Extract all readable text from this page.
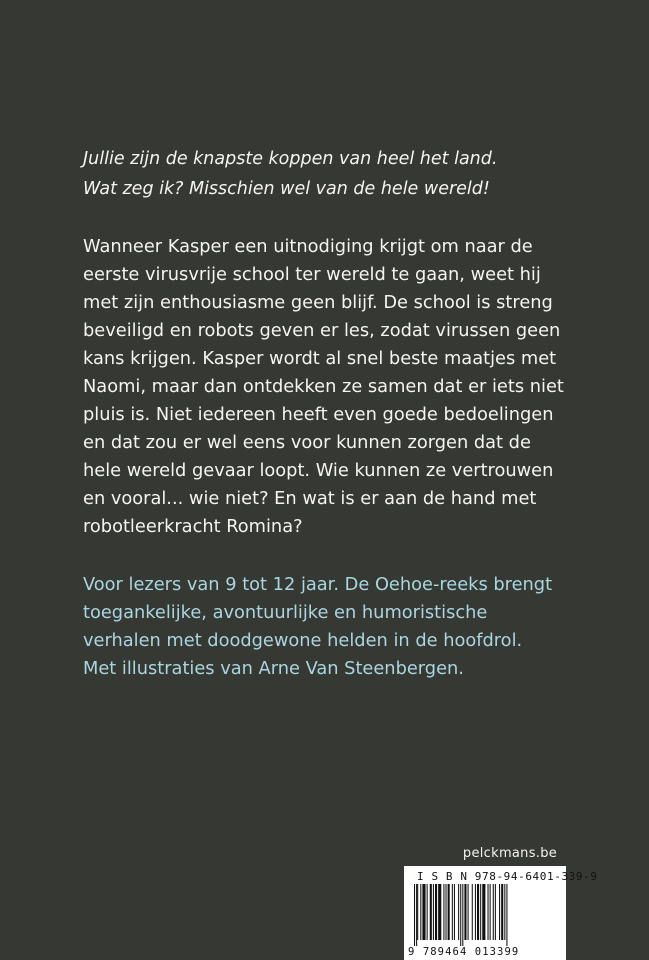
Jullie zijn de knapste koppen van heel het land.

Wat zeg ik? Misschien wel van de hele wereld!

Wanneer Kasper een uitnodiging krijgt om naar de

eerste virusvrije school ter wereld te gaan, weet hij

met zijn enthousiasme geen blijf. De school is streng

beveiligd en robots geven er les, zodat virussen geen

kans krijgen. Kasper wordt al snel beste maatjes met

Naomi, maar dan ontdekken ze samen dat er iets niet

pluis is. Niet iedereen heeft even goede bedoelingen

en dat zou er wel eens voor kunnen zorgen dat de

hele wereld gevaar loopt. Wie kunnen ze vertrouwen

en vooral... wie niet? En wat is er aan de hand met

robotleerkracht Romina?

Voor lezers van 9 tot 12 jaar. De Oehoe-reeks brengt

toegankelijke, avontuurlijke en humoristische

verhalen met doodgewone helden in de hoofdrol.

Met illustraties van Arne Van Steenbergen.

pelckmans.be
I S B N 978-94-6401-339-9
9 789464 013399
